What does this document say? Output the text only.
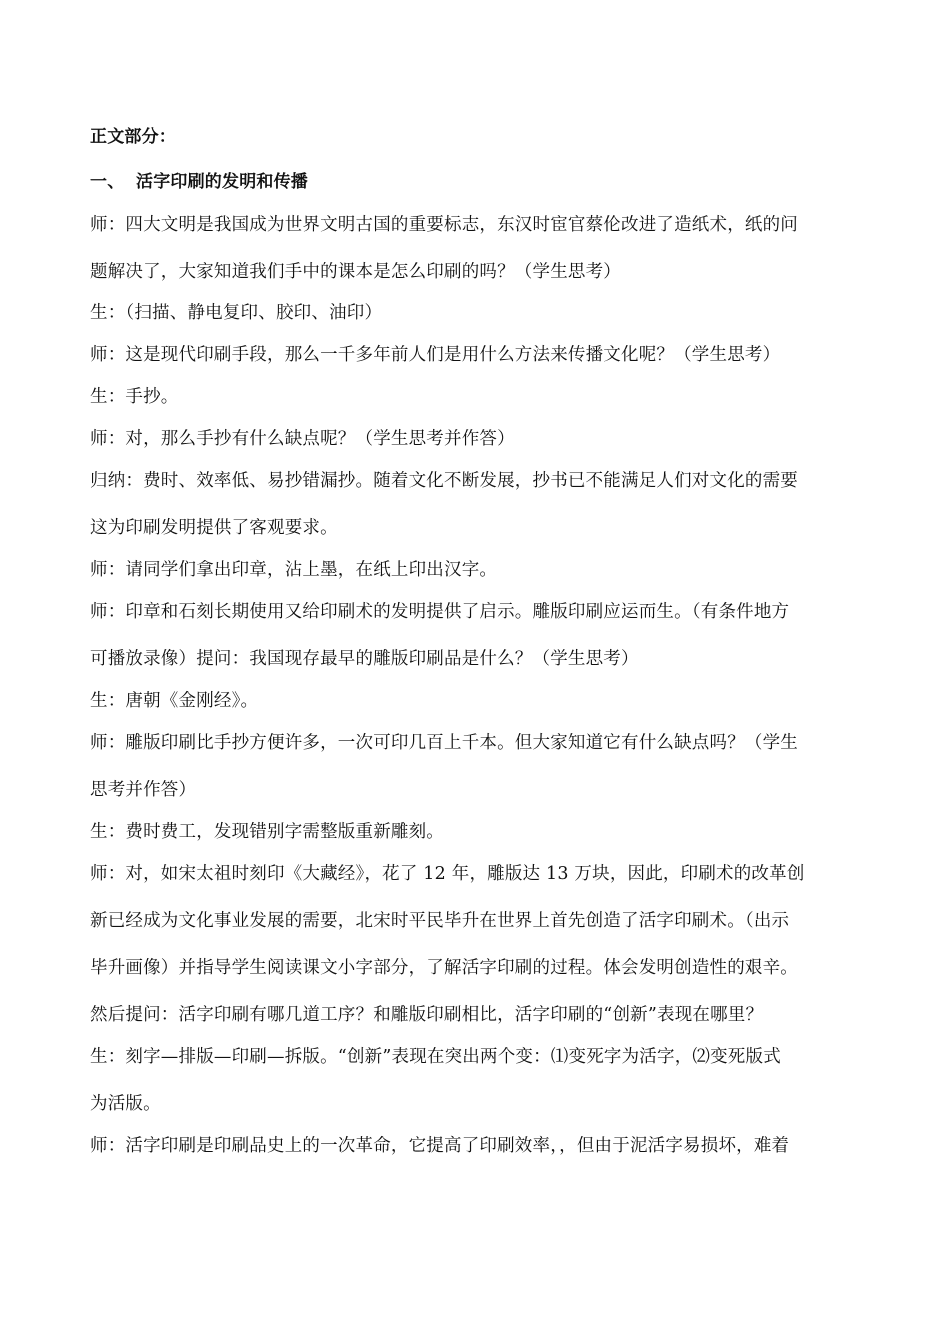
正文部分：

一、 活字印刷的发明和传播

师：四大文明是我国成为世界文明古国的重要标志，东汉时宦官蔡伦改进了造纸术，纸的问

题解决了，大家知道我们手中的课本是怎么印刷的吗？（学生思考）

生：（扫描、静电复印、胶印、油印）

师：这是现代印刷手段，那么一千多年前人们是用什么方法来传播文化呢？（学生思考）

生：手抄。

师：对，那么手抄有什么缺点呢？（学生思考并作答）

归纳：费时、效率低、易抄错漏抄。随着文化不断发展，抄书已不能满足人们对文化的需要

这为印刷发明提供了客观要求。

师：请同学们拿出印章，沾上墨，在纸上印出汉字。

师：印章和石刻长期使用又给印刷术的发明提供了启示。雕版印刷应运而生。（有条件地方

可播放录像）提问：我国现存最早的雕版印刷品是什么？（学生思考）

生：唐朝《金刚经》。

师：雕版印刷比手抄方便许多，一次可印几百上千本。但大家知道它有什么缺点吗？（学生

思考并作答）

生：费时费工，发现错别字需整版重新雕刻。

师：对，如宋太祖时刻印《大藏经》，花了 12 年，雕版达 13 万块，因此，印刷术的改革创

新已经成为文化事业发展的需要，北宋时平民毕升在世界上首先创造了活字印刷术。（出示

毕升画像）并指导学生阅读课文小字部分，了解活字印刷的过程。体会发明创造性的艰辛。

然后提问：活字印刷有哪几道工序？和雕版印刷相比，活字印刷的“创新”表现在哪里？

生：刻字—排版—印刷—拆版。“创新”表现在突出两个变：⑴变死字为活字，⑵变死版式

为活版。

师：活字印刷是印刷品史上的一次革命，它提高了印刷效率，，但由于泥活字易损坏，难着
